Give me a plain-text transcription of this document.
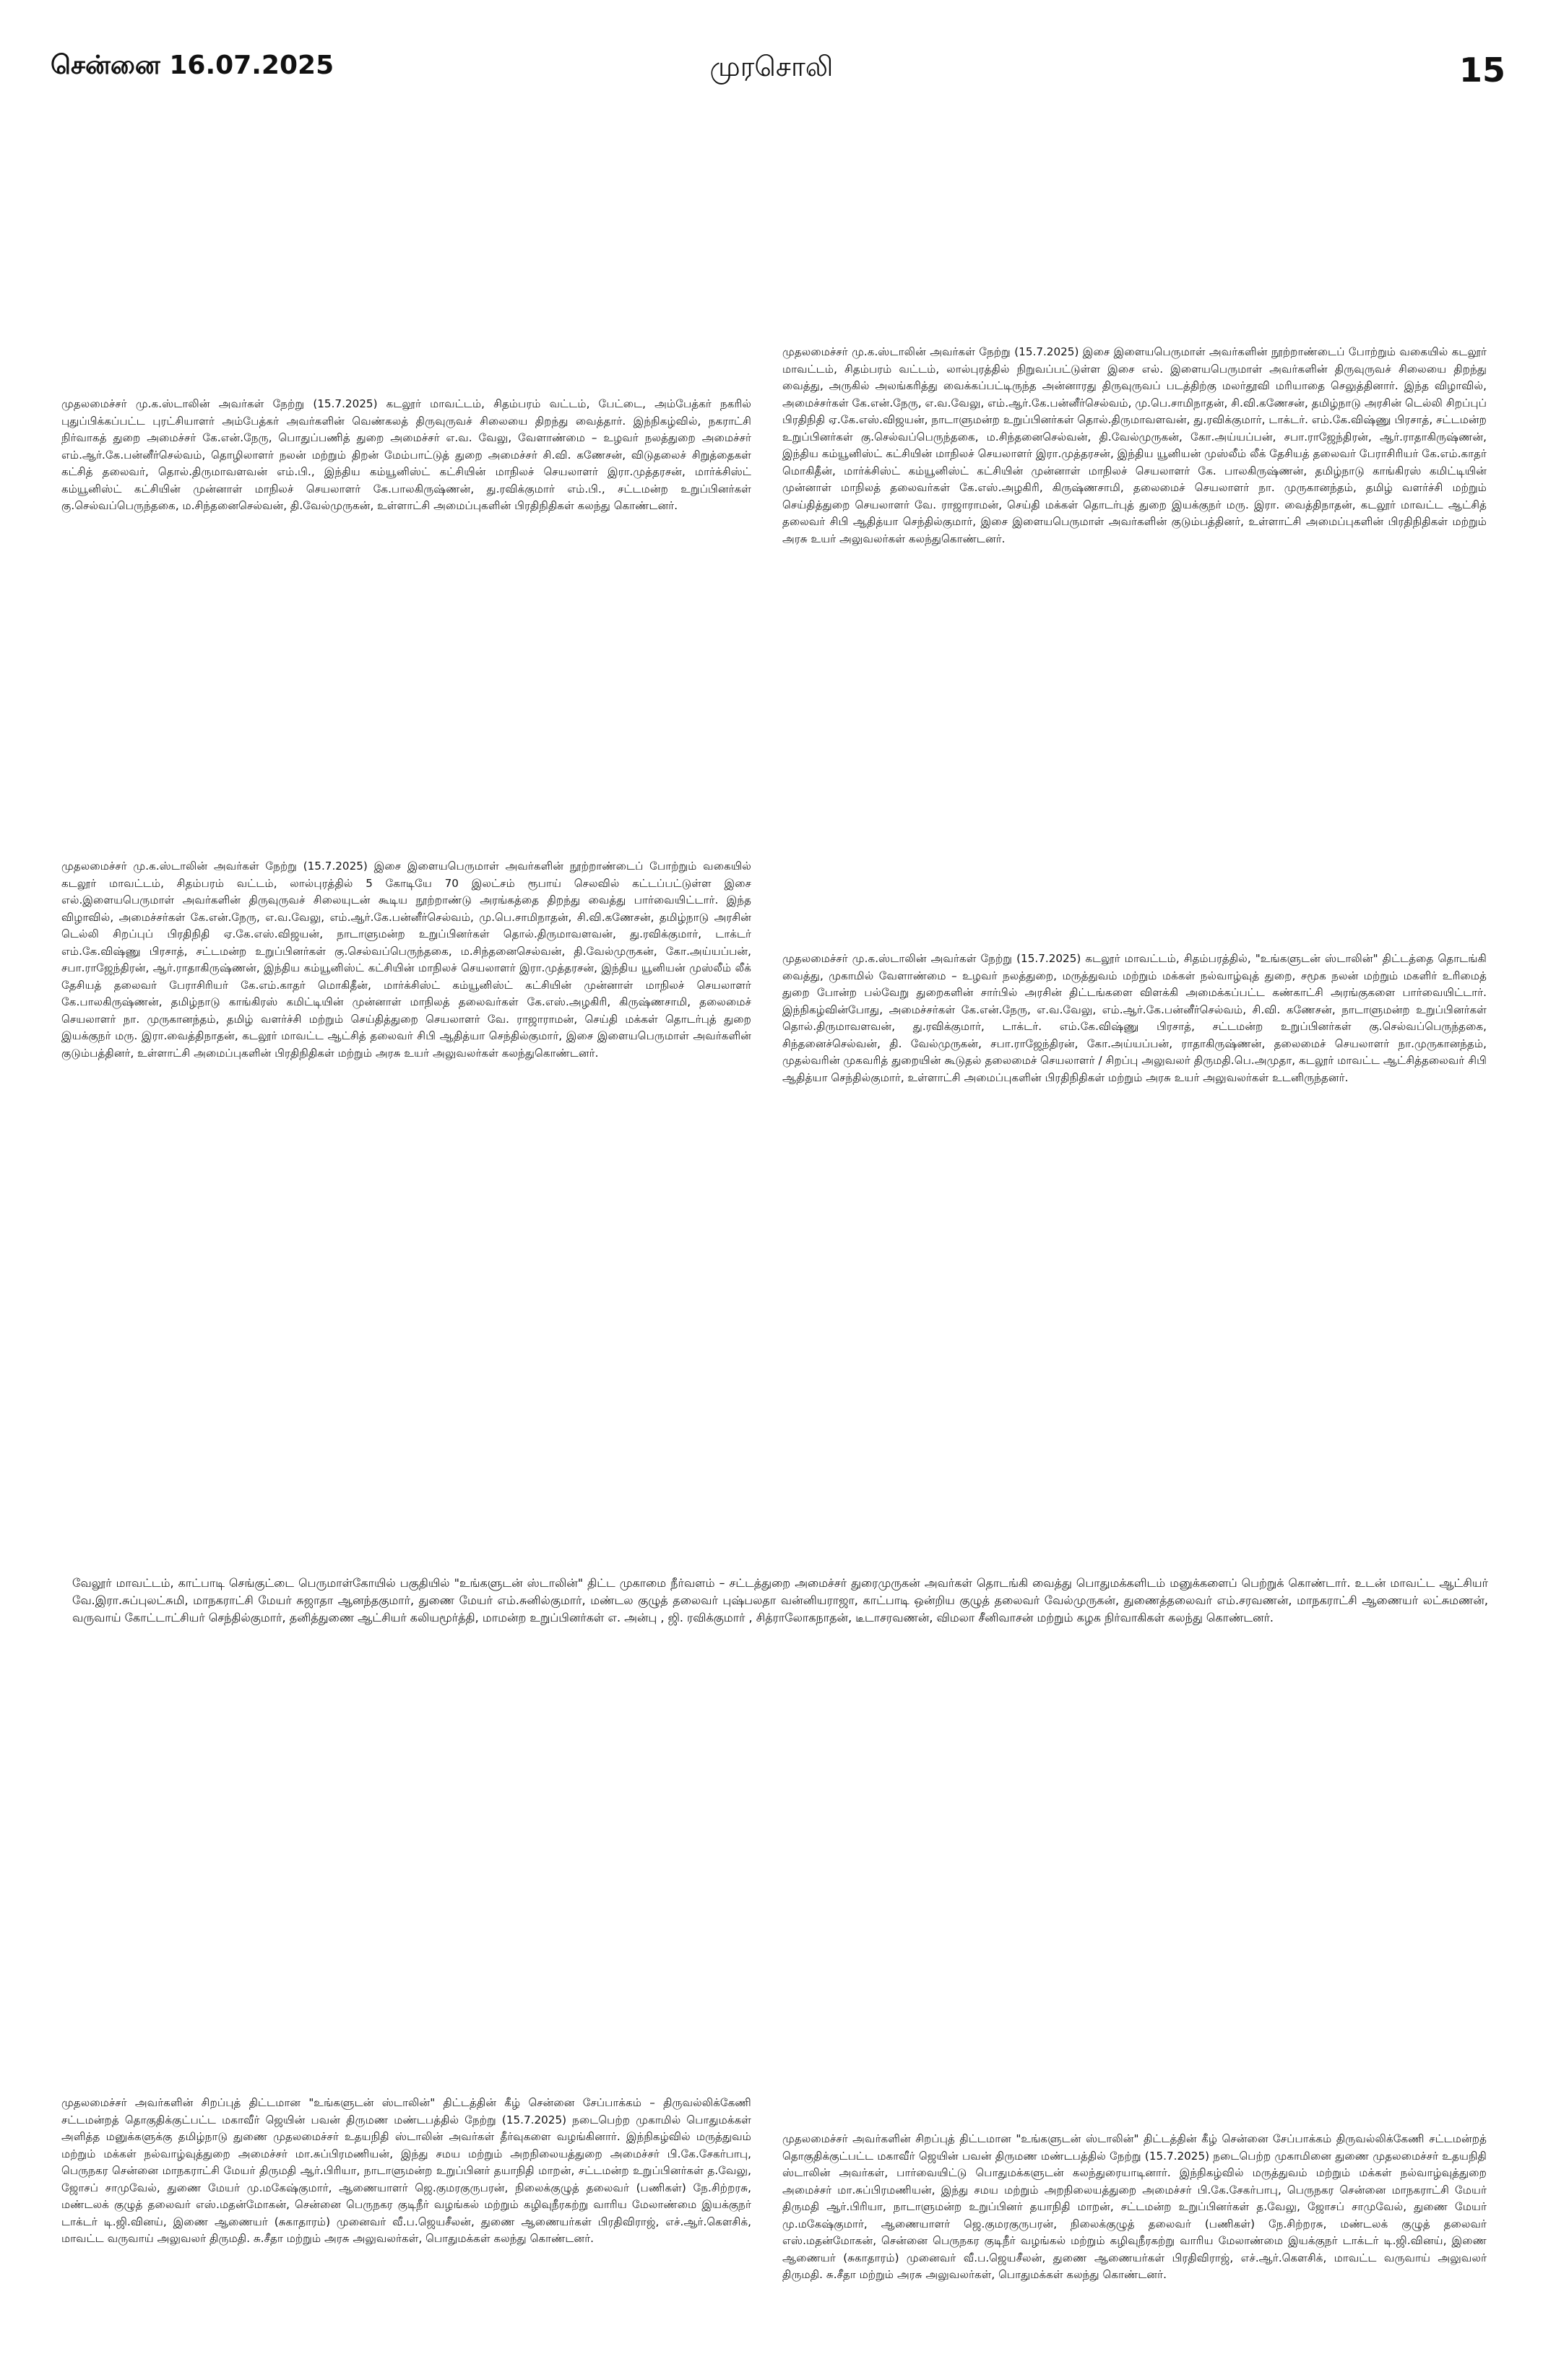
முரசொலி
சென்னை 16.07.2025	15
முதலமைச்சர் மு.க.ஸ்டாலின் அவர்கள் நேற்று (15.7.2025) கடலூர் மாவட்டம், சிதம்பரம் வட்டம், பேட்டை, அம்பேத்கர் நகரில் புதுப்பிக்கப்பட்ட புரட்சியாளர் அம்பேத்கர் அவர்களின் வெண்கலத் திருவுருவச் சிலையை திறந்து வைத்தார். இந்நிகழ்வில், நகராட்சி நிர்வாகத் துறை அமைச்சர் கே.என்.நேரு, பொதுப்பணித் துறை அமைச்சர் எ.வ. வேலு, வேளாண்மை – உழவர் நலத்துறை அமைச்சர் எம்.ஆர்.கே.பன்னீர்செல்வம், தொழிலாளர் நலன் மற்றும் திறன் மேம்பாட்டுத் துறை அமைச்சர் சி.வி. கணேசன், விடுதலைச் சிறுத்தைகள் கட்சித் தலைவர், தொல்.திருமாவளவன் எம்.பி., இந்திய கம்யூனிஸ்ட் கட்சியின் மாநிலச் செயலாளர் இரா.முத்தரசன், மார்க்சிஸ்ட் கம்யூனிஸ்ட் கட்சியின் முன்னாள் மாநிலச் செயலாளர் கே.பாலகிருஷ்ணன், து.ரவிக்குமார் எம்.பி., சட்டமன்ற உறுப்பினர்கள் கு.செல்வப்பெருந்தகை, ம.சிந்தனைசெல்வன், தி.வேல்முருகன், உள்ளாட்சி அமைப்புகளின் பிரதிநிதிகள் கலந்து கொண்டனர்.
முதலமைச்சர் மு.க.ஸ்டாலின் அவர்கள் நேற்று (15.7.2025) இசை இளையபெருமாள் அவர்களின் நூற்றாண்டைப் போற்றும் வகையில் கடலூர் மாவட்டம், சிதம்பரம் வட்டம், லால்புரத்தில் நிறுவப்பட்டுள்ள இசை எல். இளையபெருமாள் அவர்களின் திருவுருவச் சிலையை திறந்து வைத்து, அருகில் அலங்கரித்து வைக்கப்பட்டிருந்த அன்னாரது திருவுருவப் படத்திற்கு மலர்தூவி மரியாதை செலுத்தினார். இந்த விழாவில், அமைச்சர்கள் கே.என்.நேரு, எ.வ.வேலு, எம்.ஆர்.கே.பன்னீர்செல்வம், மு.பெ.சாமிநாதன், சி.வி.கணேசன், தமிழ்நாடு அரசின் டெல்லி சிறப்புப் பிரதிநிதி ஏ.கே.எஸ்.விஜயன், நாடாளுமன்ற உறுப்பினர்கள் தொல்.திருமாவளவன், து.ரவிக்குமார், டாக்டர். எம்.கே.விஷ்ணு பிரசாத், சட்டமன்ற உறுப்பினர்கள் கு.செல்வப்பெருந்தகை, ம.சிந்தனைசெல்வன், தி.வேல்முருகன், கோ.அய்யப்பன், சபா.ராஜேந்திரன், ஆர்.ராதாகிருஷ்ணன், இந்திய கம்யூனிஸ்ட் கட்சியின் மாநிலச் செயலாளர் இரா.முத்தரசன், இந்திய யூனியன் முஸ்லீம் லீக் தேசியத் தலைவர் பேராசிரியர் கே.எம்.காதர் மொகிதீன், மார்க்சிஸ்ட் கம்யூனிஸ்ட் கட்சியின் முன்னாள் மாநிலச் செயலாளர் கே. பாலகிருஷ்ணன், தமிழ்நாடு காங்கிரஸ் கமிட்டியின் முன்னாள் மாநிலத் தலைவர்கள் கே.எஸ்.அழகிரி, கிருஷ்ணசாமி, தலைமைச் செயலாளர் நா. முருகானந்தம், தமிழ் வளர்ச்சி மற்றும் செய்தித்துறை செயலாளர் வே. ராஜாராமன், செய்தி மக்கள் தொடர்புத் துறை இயக்குநர் மரு. இரா. வைத்திநாதன், கடலூர் மாவட்ட ஆட்சித் தலைவர் சிபி ஆதித்யா செந்தில்குமார், இசை இளையபெருமாள் அவர்களின் குடும்பத்தினர், உள்ளாட்சி அமைப்புகளின் பிரதிநிதிகள் மற்றும் அரசு உயர் அலுவலர்கள் கலந்துகொண்டனர்.
முதலமைச்சர் மு.க.ஸ்டாலின் அவர்கள் நேற்று (15.7.2025) இசை இளையபெருமாள் அவர்களின் நூற்றாண்டைப் போற்றும் வகையில் கடலூர் மாவட்டம், சிதம்பரம் வட்டம், லால்புரத்தில் 5 கோடியே 70 இலட்சம் ரூபாய் செலவில் கட்டப்பட்டுள்ள இசை எல்.இளையபெருமாள் அவர்களின் திருவுருவச் சிலையுடன் கூடிய நூற்றாண்டு அரங்கத்தை திறந்து வைத்து பார்வையிட்டார். இந்த விழாவில், அமைச்சர்கள் கே.என்.நேரு, எ.வ.வேலு, எம்.ஆர்.கே.பன்னீர்செல்வம், மு.பெ.சாமிநாதன், சி.வி.கணேசன், தமிழ்நாடு அரசின் டெல்லி சிறப்புப் பிரதிநிதி ஏ.கே.எஸ்.விஜயன், நாடாளுமன்ற உறுப்பினர்கள் தொல்.திருமாவளவன், து.ரவிக்குமார், டாக்டர் எம்.கே.விஷ்ணு பிரசாத், சட்டமன்ற உறுப்பினர்கள் கு.செல்வப்பெருந்தகை, ம.சிந்தனைசெல்வன், தி.வேல்முருகன், கோ.அய்யப்பன், சபா.ராஜேந்திரன், ஆர்.ராதாகிருஷ்ணன், இந்திய கம்யூனிஸ்ட் கட்சியின் மாநிலச் செயலாளர் இரா.முத்தரசன், இந்திய யூனியன் முஸ்லீம் லீக் தேசியத் தலைவர் பேராசிரியர் கே.எம்.காதர் மொகிதீன், மார்க்சிஸ்ட் கம்யூனிஸ்ட் கட்சியின் முன்னாள் மாநிலச் செயலாளர் கே.பாலகிருஷ்ணன், தமிழ்நாடு காங்கிரஸ் கமிட்டியின் முன்னாள் மாநிலத் தலைவர்கள் கே.எஸ்.அழகிரி, கிருஷ்ணசாமி, தலைமைச் செயலாளர் நா. முருகானந்தம், தமிழ் வளர்ச்சி மற்றும் செய்தித்துறை செயலாளர் வே. ராஜாராமன், செய்தி மக்கள் தொடர்புத் துறை இயக்குநர் மரு. இரா.வைத்திநாதன், கடலூர் மாவட்ட ஆட்சித் தலைவர் சிபி ஆதித்யா செந்தில்குமார், இசை இளையபெருமாள் அவர்களின் குடும்பத்தினர், உள்ளாட்சி அமைப்புகளின் பிரதிநிதிகள் மற்றும் அரசு உயர் அலுவலர்கள் கலந்துகொண்டனர்.
முதலமைச்சர் மு.க.ஸ்டாலின் அவர்கள் நேற்று (15.7.2025) கடலூர் மாவட்டம், சிதம்பரத்தில், "உங்களுடன் ஸ்டாலின்" திட்டத்தை தொடங்கி வைத்து, முகாமில் வேளாண்மை – உழவர் நலத்துறை, மருத்துவம் மற்றும் மக்கள் நல்வாழ்வுத் துறை, சமூக நலன் மற்றும் மகளிர் உரிமைத் துறை போன்ற பல்வேறு துறைகளின் சார்பில் அரசின் திட்டங்களை விளக்கி அமைக்கப்பட்ட கண்காட்சி அரங்குகளை பார்வையிட்டார். இந்நிகழ்வின்போது, அமைச்சர்கள் கே.என்.நேரு, எ.வ.வேலு, எம்.ஆர்.கே.பன்னீர்செல்வம், சி.வி. கணேசன், நாடாளுமன்ற உறுப்பினர்கள் தொல்.திருமாவளவன், து.ரவிக்குமார், டாக்டர். எம்.கே.விஷ்ணு பிரசாத், சட்டமன்ற உறுப்பினர்கள் கு.செல்வப்பெருந்தகை, சிந்தனைச்செல்வன், தி. வேல்முருகன், சபா.ராஜேந்திரன், கோ.அய்யப்பன், ராதாகிருஷ்ணன், தலைமைச் செயலாளர் நா.முருகானந்தம், முதல்வரின் முகவரித் துறையின் கூடுதல் தலைமைச் செயலாளர் / சிறப்பு அலுவலர் திருமதி.பெ.அமுதா, கடலூர் மாவட்ட ஆட்சித்தலைவர் சிபி ஆதித்யா செந்தில்குமார், உள்ளாட்சி அமைப்புகளின் பிரதிநிதிகள் மற்றும் அரசு உயர் அலுவலர்கள் உடனிருந்தனர்.
வேலூர் மாவட்டம், காட்பாடி செங்குட்டை பெருமாள்கோயில் பகுதியில் "உங்களுடன் ஸ்டாலின்" திட்ட முகாமை நீர்வளம் – சட்டத்துறை அமைச்சர் துரைமுருகன் அவர்கள் தொடங்கி வைத்து பொதுமக்களிடம் மனுக்களைப் பெற்றுக் கொண்டார். உடன் மாவட்ட ஆட்சியர் வே.இரா.சுப்புலட்சுமி, மாநகராட்சி மேயர் சுஜாதா ஆனந்தகுமார், துணை மேயர் எம்.சுனில்குமார், மண்டல குழுத் தலைவர் புஷ்பலதா வன்னியராஜா, காட்பாடி ஒன்றிய குழுத் தலைவர் வேல்முருகன், துணைத்தலைவர் எம்.சரவணன், மாநகராட்சி ஆணையர் லட்சுமணன், வருவாய் கோட்டாட்சியர் செந்தில்குமார், தனித்துணை ஆட்சியர் கலியமூர்த்தி, மாமன்ற உறுப்பினர்கள் எ. அன்பு , ஜி. ரவிக்குமார் , சித்ராலோகநாதன், டீடாசரவணன், விமலா சீனிவாசன் மற்றும் கழக நிர்வாகிகள் கலந்து கொண்டனர்.
முதலமைச்சர் அவர்களின் சிறப்புத் திட்டமான "உங்களுடன் ஸ்டாலின்" திட்டத்தின் கீழ் சென்னை சேப்பாக்கம் – திருவல்லிக்கேணி சட்டமன்றத் தொகுதிக்குட்பட்ட மகாவீர் ஜெயின் பவன் திருமண மண்டபத்தில் நேற்று (15.7.2025) நடைபெற்ற முகாமில் பொதுமக்கள் அளித்த மனுக்களுக்கு தமிழ்நாடு துணை முதலமைச்சர் உதயநிதி ஸ்டாலின் அவர்கள் தீர்வுகளை வழங்கினார். இந்நிகழ்வில் மருத்துவம் மற்றும் மக்கள் நல்வாழ்வுத்துறை அமைச்சர் மா.சுப்பிரமணியன், இந்து சமய மற்றும் அறநிலையத்துறை அமைச்சர் பி.கே.சேகர்பாபு, பெருநகர சென்னை மாநகராட்சி மேயர் திருமதி ஆர்.பிரியா, நாடாளுமன்ற உறுப்பினர் தயாநிதி மாறன், சட்டமன்ற உறுப்பினர்கள் த.வேலு, ஜோசப் சாமுவேல், துணை மேயர் மு.மகேஷ்குமார், ஆணையாளர் ஜெ.குமரகுருபரன், நிலைக்குழுத் தலைவர் (பணிகள்) நே.சிற்றரசு, மண்டலக் குழுத் தலைவர் எஸ்.மதன்மோகன், சென்னை பெருநகர குடிநீர் வழங்கல் மற்றும் கழிவுநீரகற்று வாரிய மேலாண்மை இயக்குநர் டாக்டர் டி.ஜி.வினய், இணை ஆணையர் (சுகாதாரம்) முனைவர் வீ.ப.ஜெயசீலன், துணை ஆணையர்கள் பிரதிவிராஜ், எச்.ஆர்.கௌசிக், மாவட்ட வருவாய் அலுவலர் திருமதி. சு.சீதா மற்றும் அரசு அலுவலர்கள், பொதுமக்கள் கலந்து கொண்டனர்.
முதலமைச்சர் அவர்களின் சிறப்புத் திட்டமான "உங்களுடன் ஸ்டாலின்" திட்டத்தின் கீழ் சென்னை சேப்பாக்கம் திருவல்லிக்கேணி சட்டமன்றத் தொகுதிக்குட்பட்ட மகாவீர் ஜெயின் பவன் திருமண மண்டபத்தில் நேற்று (15.7.2025) நடைபெற்ற முகாமினை துணை முதலமைச்சர் உதயநிதி ஸ்டாலின் அவர்கள், பார்வையிட்டு பொதுமக்களுடன் கலந்துரையாடினார். இந்நிகழ்வில் மருத்துவம் மற்றும் மக்கள் நல்வாழ்வுத்துறை அமைச்சர் மா.சுப்பிரமணியன், இந்து சமய மற்றும் அறநிலையத்துறை அமைச்சர் பி.கே.சேகர்பாபு, பெருநகர சென்னை மாநகராட்சி மேயர் திருமதி ஆர்.பிரியா, நாடாளுமன்ற உறுப்பினர் தயாநிதி மாறன், சட்டமன்ற உறுப்பினர்கள் த.வேலு, ஜோசப் சாமுவேல், துணை மேயர் மு.மகேஷ்குமார், ஆணையாளர் ஜெ.குமரகுருபரன், நிலைக்குழுத் தலைவர் (பணிகள்) நே.சிற்றரசு, மண்டலக் குழுத் தலைவர் எஸ்.மதன்மோகன், சென்னை பெருநகர குடிநீர் வழங்கல் மற்றும் கழிவுநீரகற்று வாரிய மேலாண்மை இயக்குநர் டாக்டர் டி.ஜி.வினய், இணை ஆணையர் (சுகாதாரம்) முனைவர் வீ.ப.ஜெயசீலன், துணை ஆணையர்கள் பிரதிவிராஜ், எச்.ஆர்.கௌசிக், மாவட்ட வருவாய் அலுவலர் திருமதி. சு.சீதா மற்றும் அரசு அலுவலர்கள், பொதுமக்கள் கலந்து கொண்டனர்.
